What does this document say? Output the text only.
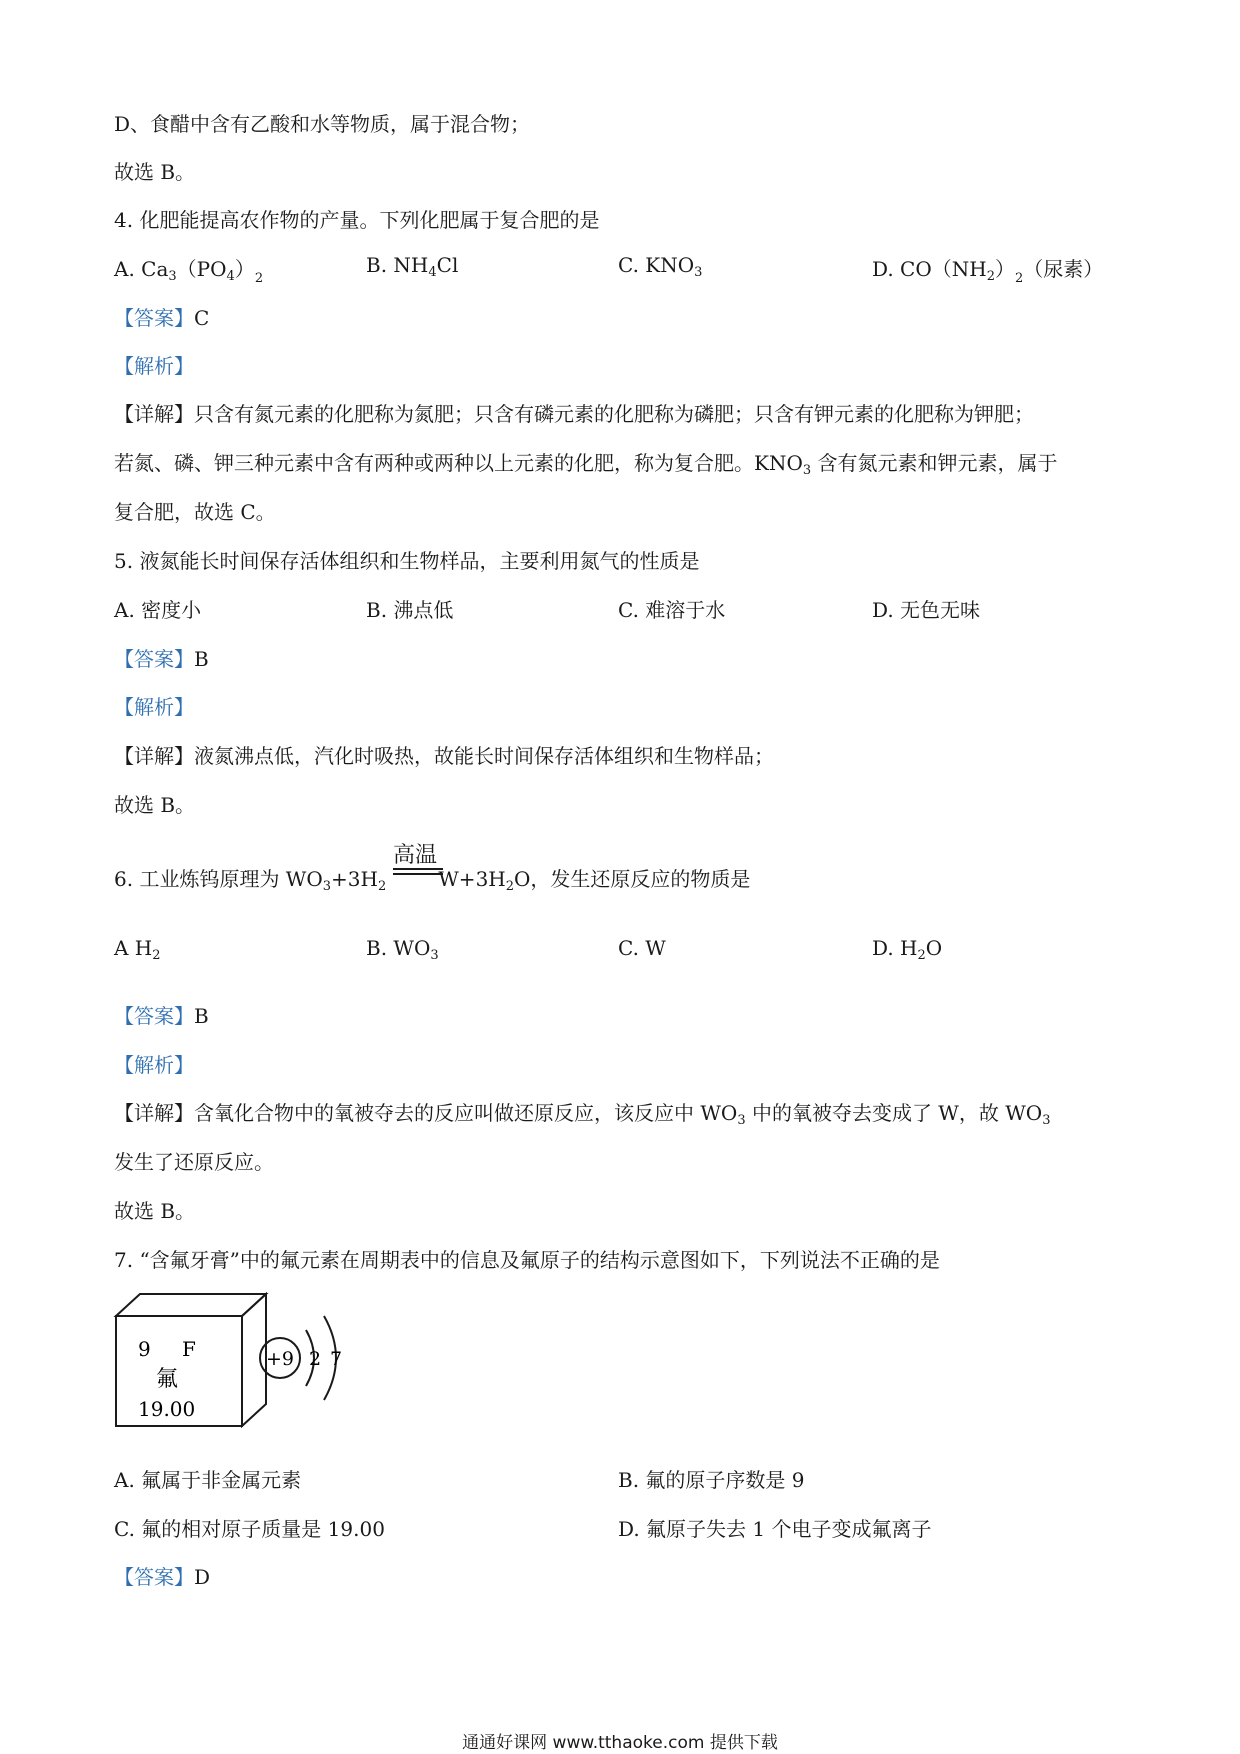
D、食醋中含有乙酸和水等物质，属于混合物；
故选 B。
4. 化肥能提高农作物的产量。下列化肥属于复合肥的是
A. $Ca_3(PO_4)_2$
B. $NH_4Cl$	C. $KNO_3$	D. $CO(NH_2)_2$（尿素）
【答案】C
【解析】
【详解】只含有氮元素的化肥称为氮肥；只含有磷元素的化肥称为磷肥；只含有钾元素的化肥称为钾肥；
若氮、磷、钾三种元素中含有两种或两种以上元素的化肥，称为复合肥。$KNO_3$ 含有氮元素和钾元素，属于
复合肥，故选 C。
5. 液氮能长时间保存活体组织和生物样品，主要利用氮气的性质是
A. 密度小	B. 沸点低	C. 难溶于水	D. 无色无味
【答案】B
【解析】
【详解】液氮沸点低，汽化时吸热，故能长时间保存活体组织和生物样品；
故选 B。
高温
6. 工业炼钨原理为 $WO_3+3H_2$	$W+3H_2O$，发生还原反应的物质是
A $H_2$	B. $WO_3$	C. W	D. $H_2O$
【答案】B
【解析】
【详解】含氧化合物中的氧被夺去的反应叫做还原反应，该反应中 $WO_3$ 中的氧被夺去变成了 W，故 $WO_3$
发生了还原反应。
故选 B。
7. “含氟牙膏”中的氟元素在周期表中的信息及氟原子的结构示意图如下，下列说法不正确的是
9 F
氟
19.00
+9 2 7
A. 氟属于非金属元素	B. 氟的原子序数是 9
C. 氟的相对原子质量是 19.00	D. 氟原子失去 1 个电子变成氟离子
【答案】D
通通好课网 www.tthaoke.com 提供下载
